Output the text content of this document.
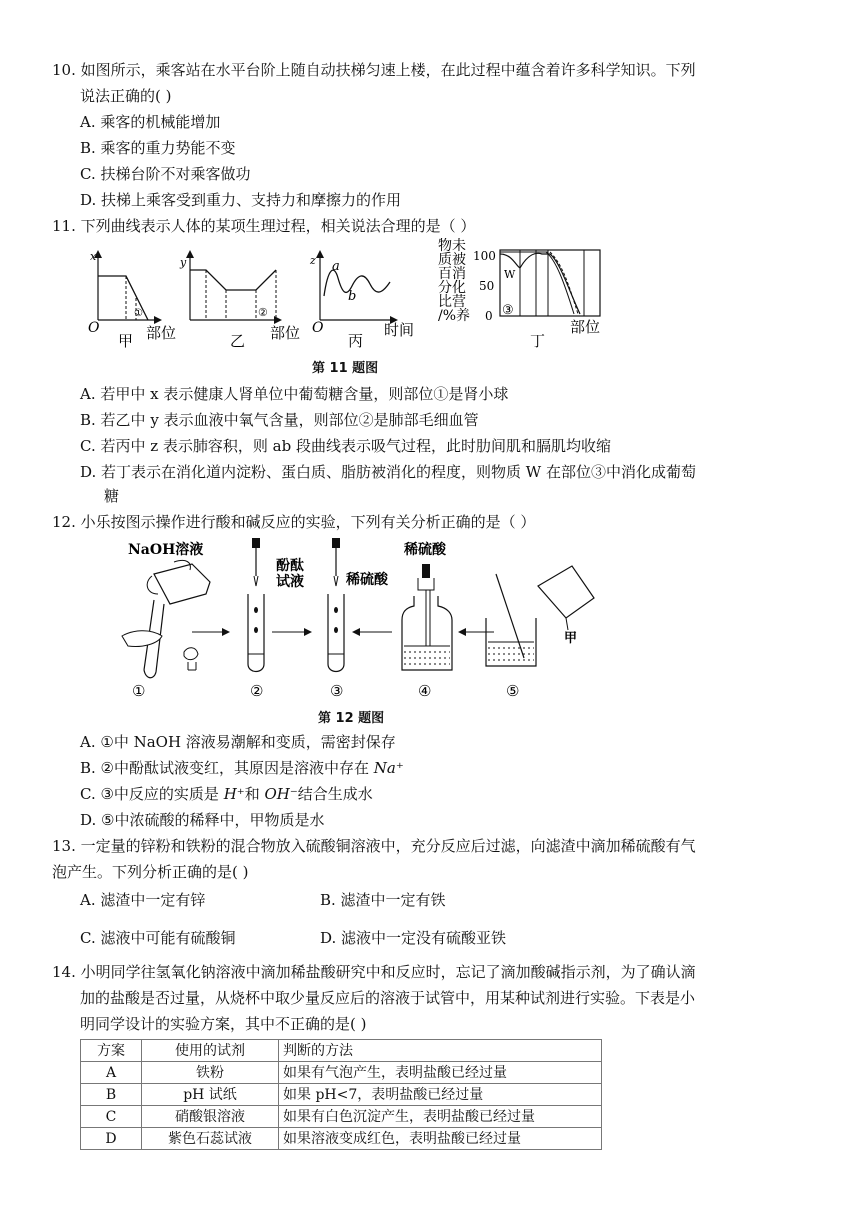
10. 如图所示，乘客站在水平台阶上随自动扶梯匀速上楼，在此过程中蕴含着许多科学知识。下列
说法正确的( )
A. 乘客的机械能增加
B. 乘客的重力势能不变
C. 扶梯台阶不对乘客做功
D. 扶梯上乘客受到重力、支持力和摩擦力的作用
11. 下列曲线表示人体的某项生理过程，相关说法合理的是（ ）
x
O
①
部位
甲
y
②
部位
乙
z a
b
O	时间
丙
物未
质被
百消
分化
比营
/%养
100
50
0
W
③
部位
丁
第 11 题图
A. 若甲中 x 表示健康人肾单位中葡萄糖含量，则部位①是肾小球
B. 若乙中 y 表示血液中氧气含量，则部位②是肺部毛细血管
C. 若丙中 z 表示肺容积，则 ab 段曲线表示吸气过程，此时肋间肌和膈肌均收缩
D. 若丁表示在消化道内淀粉、蛋白质、脂肪被消化的程度，则物质 W 在部位③中消化成葡萄
糖
12. 小乐按图示操作进行酸和碱反应的实验，下列有关分析正确的是（ ）
NaOH溶液
酚酞
试液	稀硫酸
稀硫酸
甲
①	②	③	④	⑤
第 12 题图
A. ①中 NaOH 溶液易潮解和变质，需密封保存
B. ②中酚酞试液变红，其原因是溶液中存在 Na⁺
C. ③中反应的实质是 H⁺和 OH⁻结合生成水
D. ⑤中浓硫酸的稀释中，甲物质是水
13. 一定量的锌粉和铁粉的混合物放入硫酸铜溶液中，充分反应后过滤，向滤渣中滴加稀硫酸有气
泡产生。下列分析正确的是( )
A. 滤渣中一定有锌	B. 滤渣中一定有铁
C. 滤液中可能有硫酸铜	D. 滤液中一定没有硫酸亚铁
14. 小明同学往氢氧化钠溶液中滴加稀盐酸研究中和反应时，忘记了滴加酸碱指示剂，为了确认滴
加的盐酸是否过量，从烧杯中取少量反应后的溶液于试管中，用某种试剂进行实验。下表是小
明同学设计的实验方案，其中不正确的是( )
方案	使用的试剂	判断的方法
A	铁粉	如果有气泡产生，表明盐酸已经过量
B	pH 试纸	如果 pH<7，表明盐酸已经过量
C	硝酸银溶液	如果有白色沉淀产生，表明盐酸已经过量
D	紫色石蕊试液	如果溶液变成红色，表明盐酸已经过量
